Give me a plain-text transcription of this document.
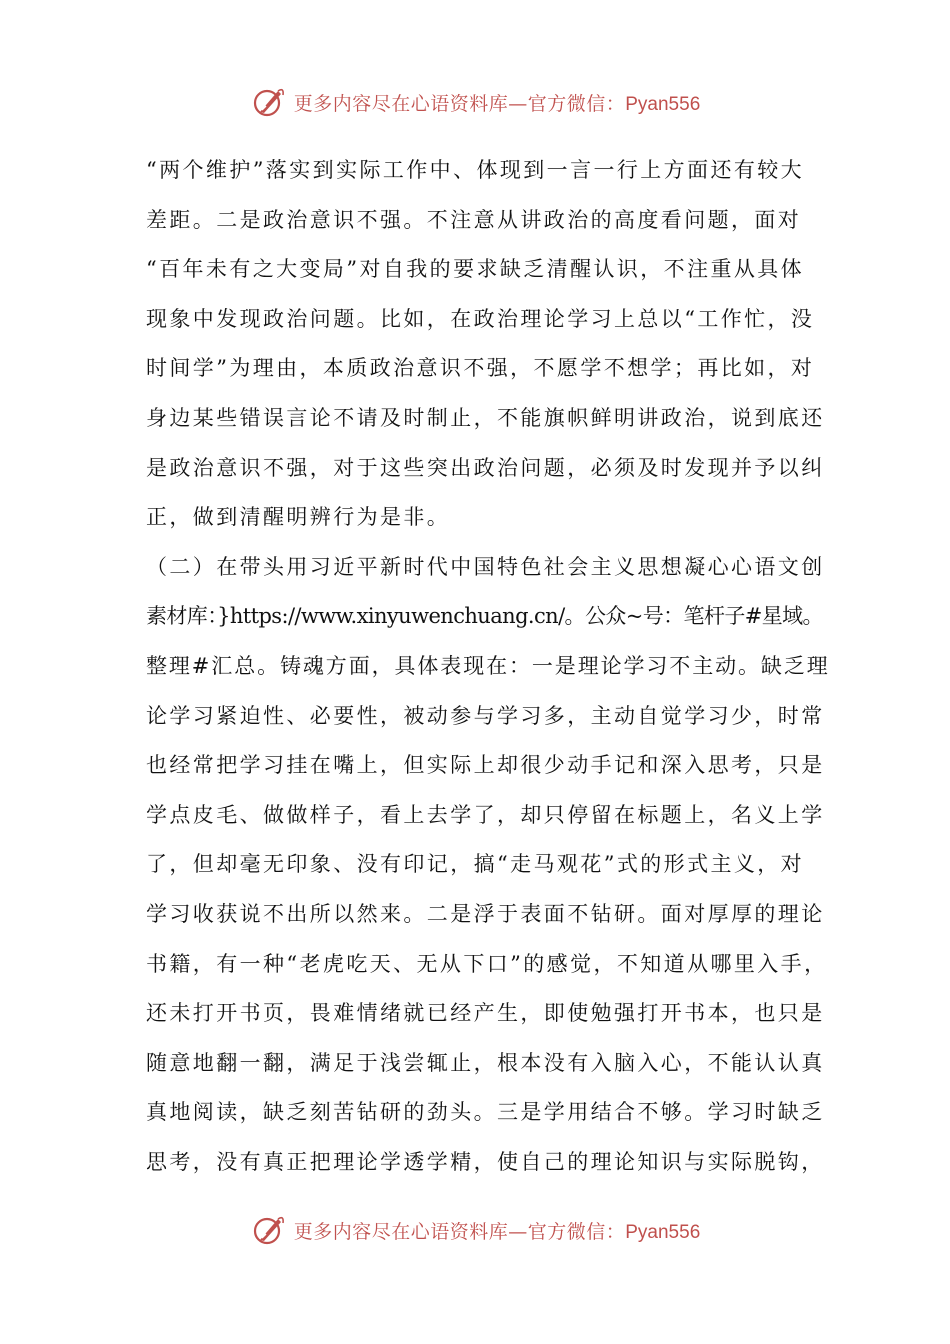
更多内容尽在心语资料库—官方微信：Pyan556
“两个维护”落实到实际工作中、体现到一言一行上方面还有较大
差距。二是政治意识不强。不注意从讲政治的高度看问题，面对
“百年未有之大变局”对自我的要求缺乏清醒认识，不注重从具体
现象中发现政治问题。比如，在政治理论学习上总以“工作忙，没
时间学”为理由，本质政治意识不强，不愿学不想学；再比如，对
身边某些错误言论不请及时制止，不能旗帜鲜明讲政治，说到底还
是政治意识不强，对于这些突出政治问题，必须及时发现并予以纠
正，做到清醒明辨行为是非。
（二）在带头用习近平新时代中国特色社会主义思想凝心心语文创
素材库：}https://www.xinyuwenchuang.cn/。公众~号：笔杆子#星域。
整理#汇总。铸魂方面，具体表现在：一是理论学习不主动。缺乏理
论学习紧迫性、必要性，被动参与学习多，主动自觉学习少，时常
也经常把学习挂在嘴上，但实际上却很少动手记和深入思考，只是
学点皮毛、做做样子，看上去学了，却只停留在标题上，名义上学
了，但却毫无印象、没有印记，搞“走马观花”式的形式主义，对
学习收获说不出所以然来。二是浮于表面不钻研。面对厚厚的理论
书籍，有一种“老虎吃天、无从下口”的感觉，不知道从哪里入手，
还未打开书页，畏难情绪就已经产生，即使勉强打开书本，也只是
随意地翻一翻，满足于浅尝辄止，根本没有入脑入心，不能认认真
真地阅读，缺乏刻苦钻研的劲头。三是学用结合不够。学习时缺乏
思考，没有真正把理论学透学精，使自己的理论知识与实际脱钩，
更多内容尽在心语资料库—官方微信：Pyan556
